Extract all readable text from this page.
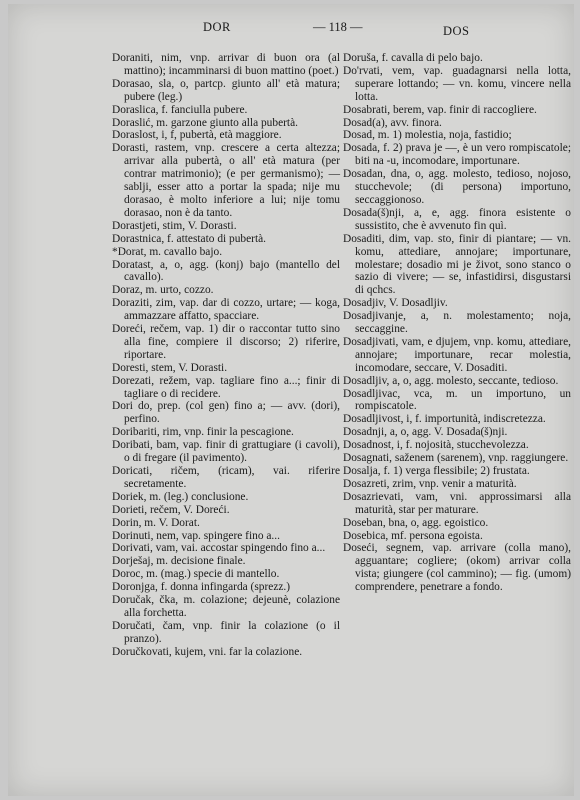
DOR	— 118 —	DOS

Doraniti, nim, vnp. arrivar di buon ora (al mattino); incamminarsi di buon mattino (poet.)

Dorasao, sla, o, partcp. giunto all' età matura; pubere (leg.)

Doraslica, f. fanciulla pubere.

Doraslić, m. garzone giunto alla pubertà.

Doraslost, i, f, pubertà, età maggiore.

Dorasti, rastem, vnp. crescere a certa altezza; arrivar alla pubertà, o all' età matura (per contrar matrimonio); (e per germanismo); — sablji, esser atto a portar la spada; nije mu dorasao, è molto inferiore a lui; nije tomu dorasao, non è da tanto.

Dorastjeti, stim, V. Dorasti.

Dorastnica, f. attestato di pubertà.

*Dorat, m. cavallo bajo.

Doratast, a, o, agg. (konj) bajo (mantello del cavallo).

Doraz, m. urto, cozzo.

Doraziti, zim, vap. dar di cozzo, urtare; — koga, ammazzare affatto, spacciare.

Doreći, rečem, vap. 1) dir o raccontar tutto sino alla fine, compiere il discorso; 2) riferire, riportare.

Doresti, stem, V. Dorasti.

Dorezati, režem, vap. tagliare fino a...; finir di tagliare o di recidere.

Dori do, prep. (col gen) fino a; — avv. (dori), perfino.

Doribariti, rim, vnp. finir la pescagione.

Doribati, bam, vap. finir di grattugiare (i cavoli), o di fregare (il pavimento).

Doricati, ričem, (ricam), vai. riferire secretamente.

Doriek, m. (leg.) conclusione.

Dorieti, rečem, V. Doreći.

Dorin, m. V. Dorat.

Dorinuti, nem, vap. spingere fino a...

Dorivati, vam, vai. accostar spingendo fino a...

Dorješaj, m. decisione finale.

Doroc, m. (mag.) specie di mantello.

Doronjga, f. donna infingarda (sprezz.)

Doručak, čka, m. colazione; dejeunè, colazione alla forchetta.

Doručati, čam, vnp. finir la colazione (o il pranzo).

Doručkovati, kujem, vni. far la colazione.

Doruša, f. cavalla di pelo bajo.

Do'rvati, vem, vap. guadagnarsi nella lotta, superare lottando; — vn. komu, vincere nella lotta.

Dosabrati, berem, vap. finir di raccogliere.

Dosad(a), avv. finora.

Dosad, m. 1) molestia, noja, fastidio;

Dosada, f. 2) prava je —, è un vero rompiscatole; biti na -u, incomodare, importunare.

Dosadan, dna, o, agg. molesto, tedioso, nojoso, stucchevole; (di persona) importuno, seccaggionoso.

Dosada(š)nji, a, e, agg. finora esistente o sussistito, che è avvenuto fin quì.

Dosaditi, dim, vap. sto, finir di piantare; — vn. komu, attediare, annojare; importunare, molestare; dosadio mi je život, sono stanco o sazio di vivere; — se, infastidirsi, disgustarsi di qchcs.

Dosadjiv, V. Dosadljiv.

Dosadjivanje, a, n. molestamento; noja, seccaggine.

Dosadjivati, vam, e djujem, vnp. komu, attediare, annojare; importunare, recar molestia, incomodare, seccare, V. Dosaditi.

Dosadljiv, a, o, agg. molesto, seccante, tedioso.

Dosadljivac, vca, m. un importuno, un rompiscatole.

Dosadljivost, i, f. importunità, indiscretezza.

Dosadnji, a, o, agg. V. Dosada(š)nji.

Dosadnost, i, f. nojosità, stucchevolezza.

Dosagnati, saženem (sarenem), vnp. raggiungere.

Dosalja, f. 1) verga flessibile; 2) frustata.

Dosazreti, zrim, vnp. venir a maturità.

Dosazrievati, vam, vni. approssimarsi alla maturità, star per maturare.

Doseban, bna, o, agg. egoistico.

Dosebica, mf. persona egoista.

Doseći, segnem, vap. arrivare (colla mano), agguantare; cogliere; (okom) arrivar colla vista; giungere (col cammino); — fig. (umom) comprendere, penetrare a fondo.
